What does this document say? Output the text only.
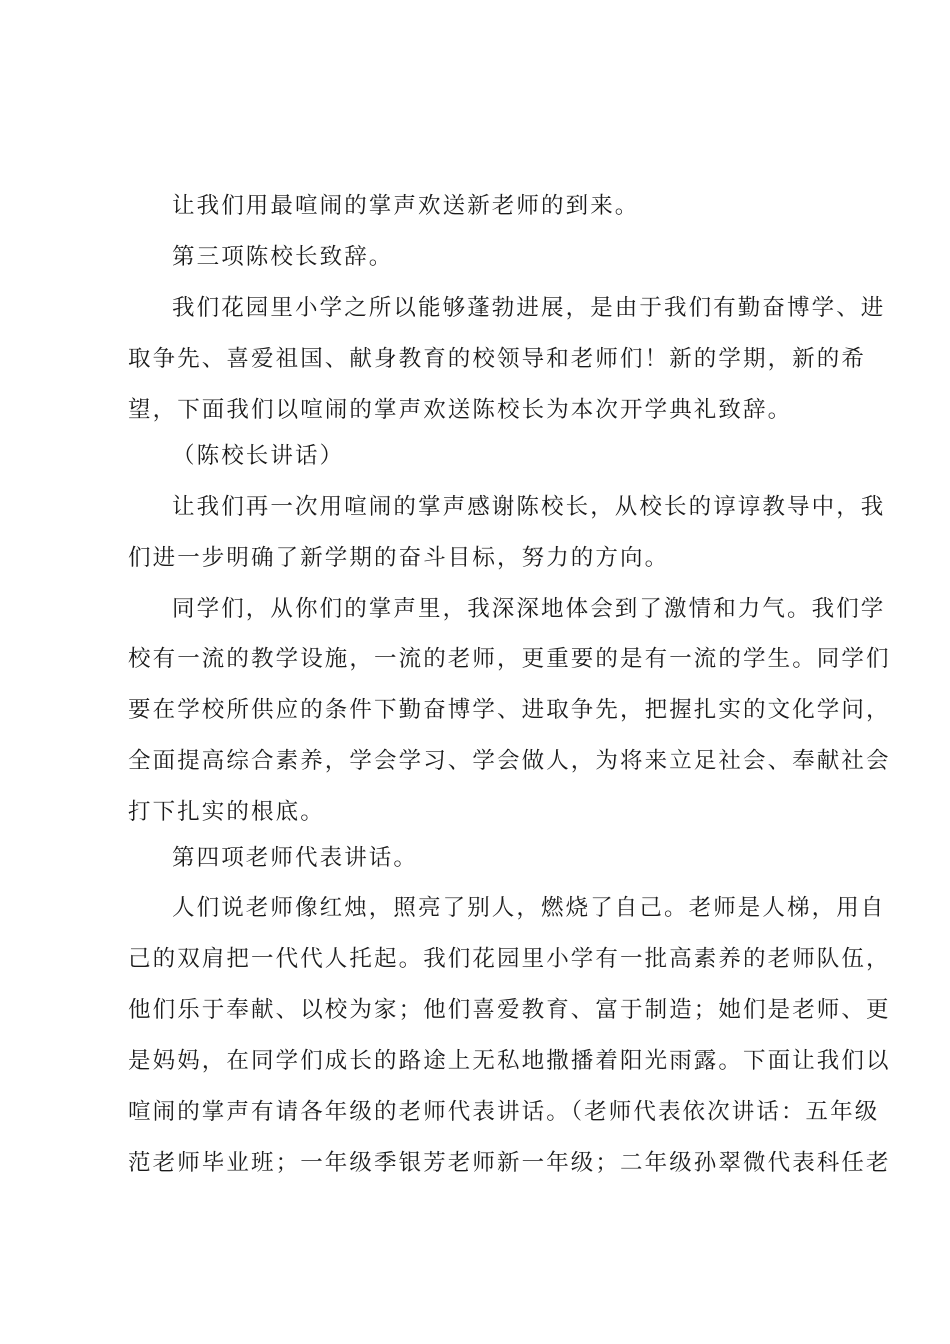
让我们用最喧闹的掌声欢送新老师的到来。
第三项陈校长致辞。
我们花园里小学之所以能够蓬勃进展，是由于我们有勤奋博学、进
取争先、喜爱祖国、献身教育的校领导和老师们！新的学期，新的希
望，下面我们以喧闹的掌声欢送陈校长为本次开学典礼致辞。
（陈校长讲话）
让我们再一次用喧闹的掌声感谢陈校长，从校长的谆谆教导中，我
们进一步明确了新学期的奋斗目标，努力的方向。
同学们，从你们的掌声里，我深深地体会到了激情和力气。我们学
校有一流的教学设施，一流的老师，更重要的是有一流的学生。同学们
要在学校所供应的条件下勤奋博学、进取争先，把握扎实的文化学问，
全面提高综合素养，学会学习、学会做人，为将来立足社会、奉献社会
打下扎实的根底。
第四项老师代表讲话。
人们说老师像红烛，照亮了别人，燃烧了自己。老师是人梯，用自
己的双肩把一代代人托起。我们花园里小学有一批高素养的老师队伍，
他们乐于奉献、以校为家；他们喜爱教育、富于制造；她们是老师、更
是妈妈，在同学们成长的路途上无私地撒播着阳光雨露。下面让我们以
喧闹的掌声有请各年级的老师代表讲话。（老师代表依次讲话：五年级
范老师毕业班；一年级季银芳老师新一年级；二年级孙翠微代表科任老
